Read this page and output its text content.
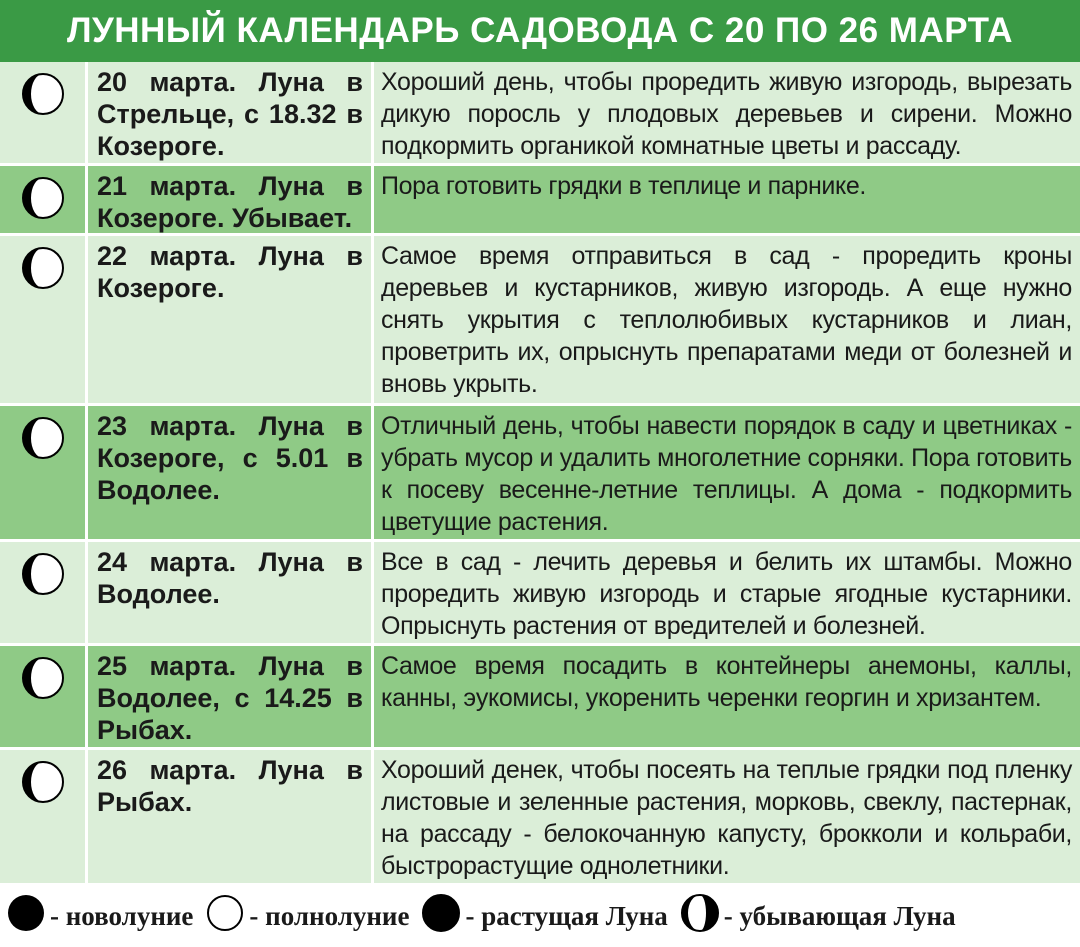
ЛУННЫЙ КАЛЕНДАРЬ САДОВОДА С 20 ПО 26 МАРТА
20 марта. Луна в Стрельце, с 18.32 в Козероге.
Хороший день, чтобы проредить живую изгородь, вырезать дикую поросль у плодовых деревьев и сирени. Можно подкормить органикой комнатные цветы и рассаду.
21 марта. Луна в Козероге. Убывает.
Пора готовить грядки в теплице и парнике.
22 марта. Луна в Козероге.
Самое время отправиться в сад - проредить кроны деревьев и кустарников, живую изгородь. А еще нужно снять укрытия с теплолюбивых кустарников и лиан, проветрить их, опрыснуть препаратами меди от болезней и вновь укрыть.
23 марта. Луна в Козероге, с 5.01 в Водолее.
Отличный день, чтобы навести порядок в саду и цветниках - убрать мусор и удалить многолетние сорняки. Пора готовить к посеву весенне-летние теплицы. А дома - подкормить цветущие растения.
24 марта. Луна в Водолее.
Все в сад - лечить деревья и белить их штамбы. Можно проредить живую изгородь и старые ягодные кустарники. Опрыснуть растения от вредителей и болезней.
25 марта. Луна в Водолее, с 14.25 в Рыбах.
Самое время посадить в контейнеры анемоны, каллы, канны, эукомисы, укоренить черенки георгин и хризантем.
26 марта. Луна в Рыбах.
Хороший денек, чтобы посеять на теплые грядки под пленку листовые и зеленные растения, морковь, свеклу, пастернак, на рассаду - белокочанную капусту, брокколи и кольраби, быстрорастущие однолетники.
- новолуние - полнолуние - растущая Луна - убывающая Луна
